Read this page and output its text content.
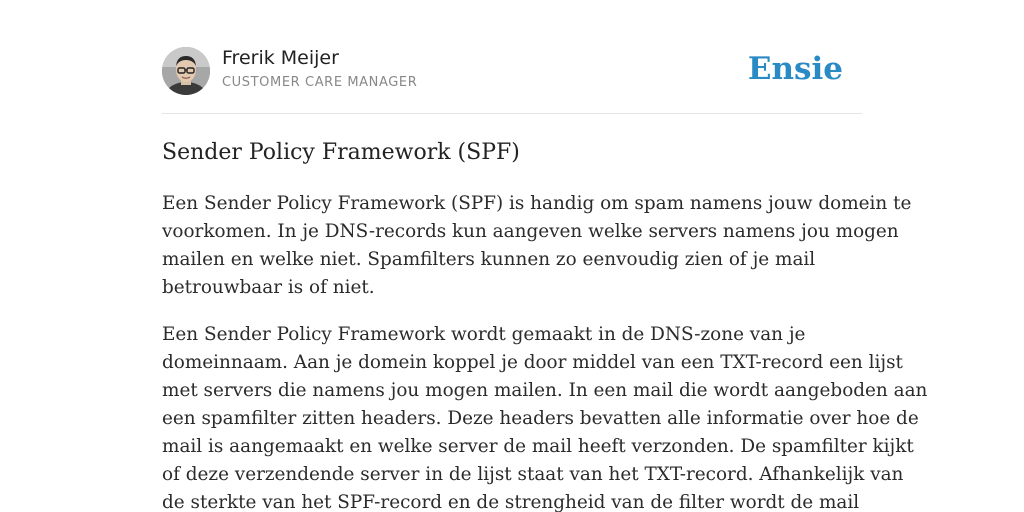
Frerik Meijer
CUSTOMER CARE MANAGER	Ensie
Sender Policy Framework (SPF)

Een Sender Policy Framework (SPF) is handig om spam namens jouw domein te
voorkomen. In je DNS-records kun aangeven welke servers namens jou mogen
mailen en welke niet. Spamfilters kunnen zo eenvoudig zien of je mail
betrouwbaar is of niet.

Een Sender Policy Framework wordt gemaakt in de DNS-zone van je
domeinnaam. Aan je domein koppel je door middel van een TXT-record een lijst
met servers die namens jou mogen mailen. In een mail die wordt aangeboden aan
een spamfilter zitten headers. Deze headers bevatten alle informatie over hoe de
mail is aangemaakt en welke server de mail heeft verzonden. De spamfilter kijkt
of deze verzendende server in de lijst staat van het TXT-record. Afhankelijk van
de sterkte van het SPF-record en de strengheid van de filter wordt de mail
